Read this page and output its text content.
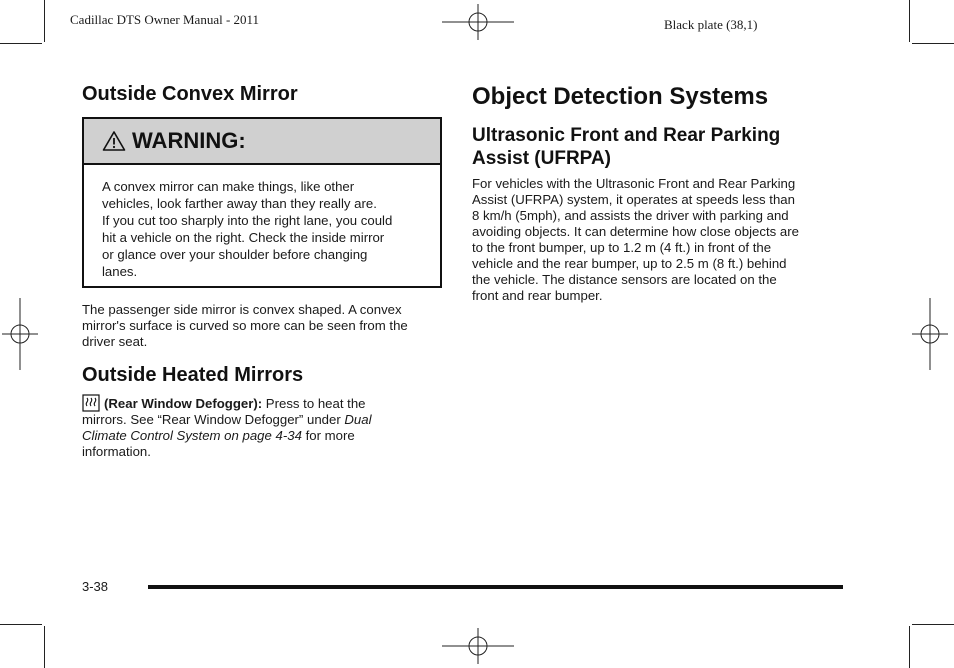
Cadillac DTS Owner Manual - 2011	Black plate (38,1)
Outside Convex Mirror
WARNING:
A convex mirror can make things, like other
vehicles, look farther away than they really are.
If you cut too sharply into the right lane, you could
hit a vehicle on the right. Check the inside mirror
or glance over your shoulder before changing
lanes.
The passenger side mirror is convex shaped. A convex
mirror's surface is curved so more can be seen from the
driver seat.
Outside Heated Mirrors
(Rear Window Defogger): Press to heat the
mirrors. See “Rear Window Defogger” under Dual
Climate Control System on page 4-34 for more
information.
Object Detection Systems
Ultrasonic Front and Rear Parking
Assist (UFRPA)
For vehicles with the Ultrasonic Front and Rear Parking
Assist (UFRPA) system, it operates at speeds less than
8 km/h (5mph), and assists the driver with parking and
avoiding objects. It can determine how close objects are
to the front bumper, up to 1.2 m (4 ft.) in front of the
vehicle and the rear bumper, up to 2.5 m (8 ft.) behind
the vehicle. The distance sensors are located on the
front and rear bumper.
3-38
